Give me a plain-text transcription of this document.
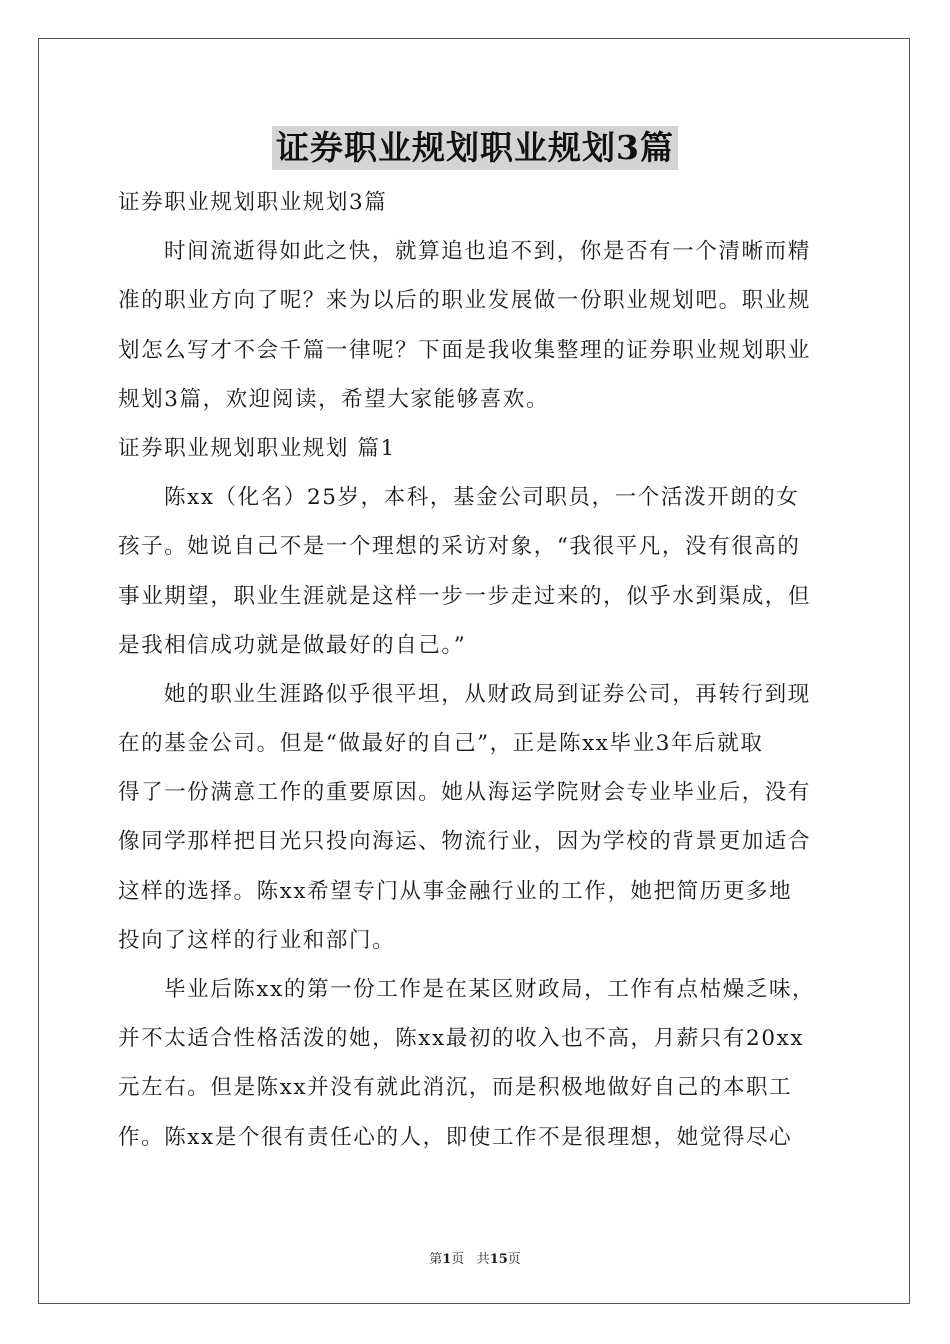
证券职业规划职业规划3篇
证券职业规划职业规划3篇
时间流逝得如此之快，就算追也追不到，你是否有一个清晰而精
准的职业方向了呢？来为以后的职业发展做一份职业规划吧。职业规
划怎么写才不会千篇一律呢？下面是我收集整理的证券职业规划职业
规划3篇，欢迎阅读，希望大家能够喜欢。
证券职业规划职业规划 篇1
陈xx（化名）25岁，本科，基金公司职员，一个活泼开朗的女
孩子。她说自己不是一个理想的采访对象，“我很平凡，没有很高的
事业期望，职业生涯就是这样一步一步走过来的，似乎水到渠成，但
是我相信成功就是做最好的自己。”
她的职业生涯路似乎很平坦，从财政局到证券公司，再转行到现
在的基金公司。但是“做最好的自己”，正是陈xx毕业3年后就取
得了一份满意工作的重要原因。她从海运学院财会专业毕业后，没有
像同学那样把目光只投向海运、物流行业，因为学校的背景更加适合
这样的选择。陈xx希望专门从事金融行业的工作，她把简历更多地
投向了这样的行业和部门。
毕业后陈xx的第一份工作是在某区财政局，工作有点枯燥乏味，
并不太适合性格活泼的她，陈xx最初的收入也不高，月薪只有20xx
元左右。但是陈xx并没有就此消沉，而是积极地做好自己的本职工
作。陈xx是个很有责任心的人，即使工作不是很理想，她觉得尽心
第1页 共15页
